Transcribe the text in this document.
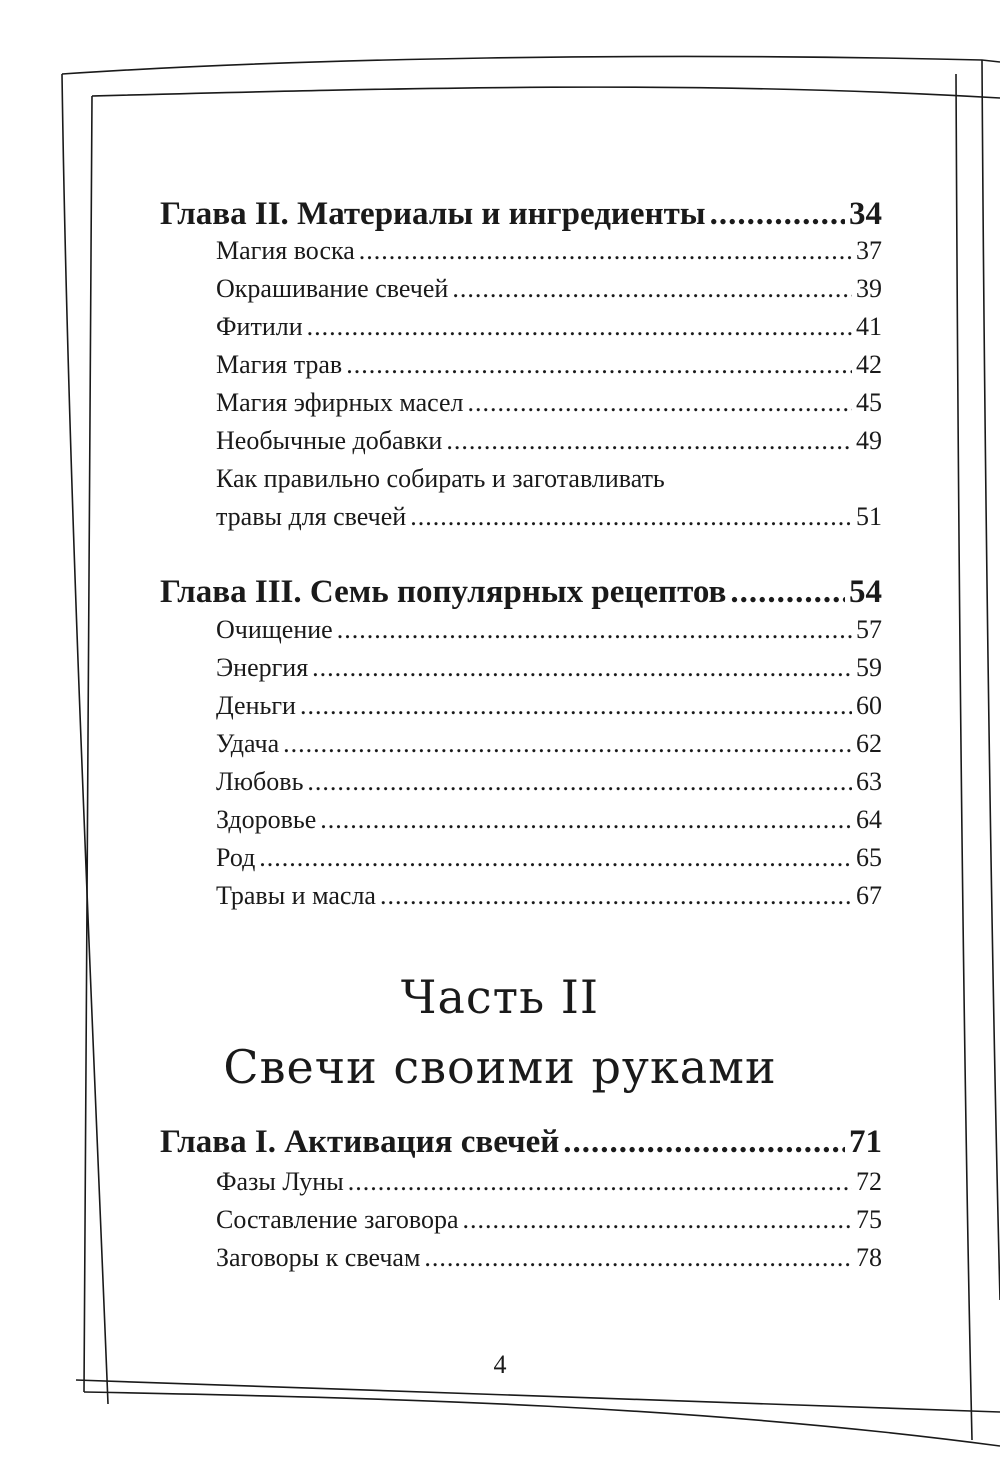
Глава II. Материалы и ингредиенты .....	34
Магия воска .....	37
Окрашивание свечей .....	39
Фитили .....	41
Магия трав .....	42
Магия эфирных масел .....	45
Необычные добавки .....	49
Как правильно собирать и заготавливать
травы для свечей .....	51
Глава III. Семь популярных рецептов .....	54
Очищение .....	57
Энергия .....	59
Деньги .....	60
Удача .....	62
Любовь .....	63
Здоровье .....	64
Род .....	65
Травы и масла .....	67
Часть II
Свечи своими руками
Глава I. Активация свечей .....	71
Фазы Луны .....	72
Составление заговора .....	75
Заговоры к свечам .....	78
4
